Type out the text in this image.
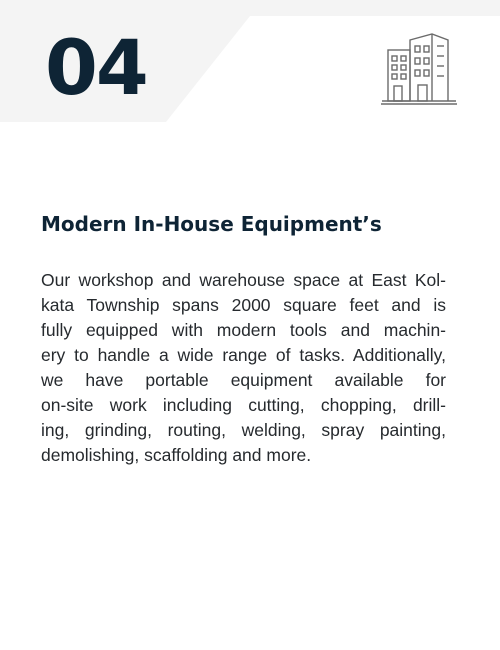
04
Modern In-House Equipment’s

Our workshop and warehouse space at East Kol-
kata Township spans 2000 square feet and is
fully equipped with modern tools and machin-
ery to handle a wide range of tasks. Additionally,
we have portable equipment available for
on-site work including cutting, chopping, drill-
ing, grinding, routing, welding, spray painting,
demolishing, scaffolding and more.
